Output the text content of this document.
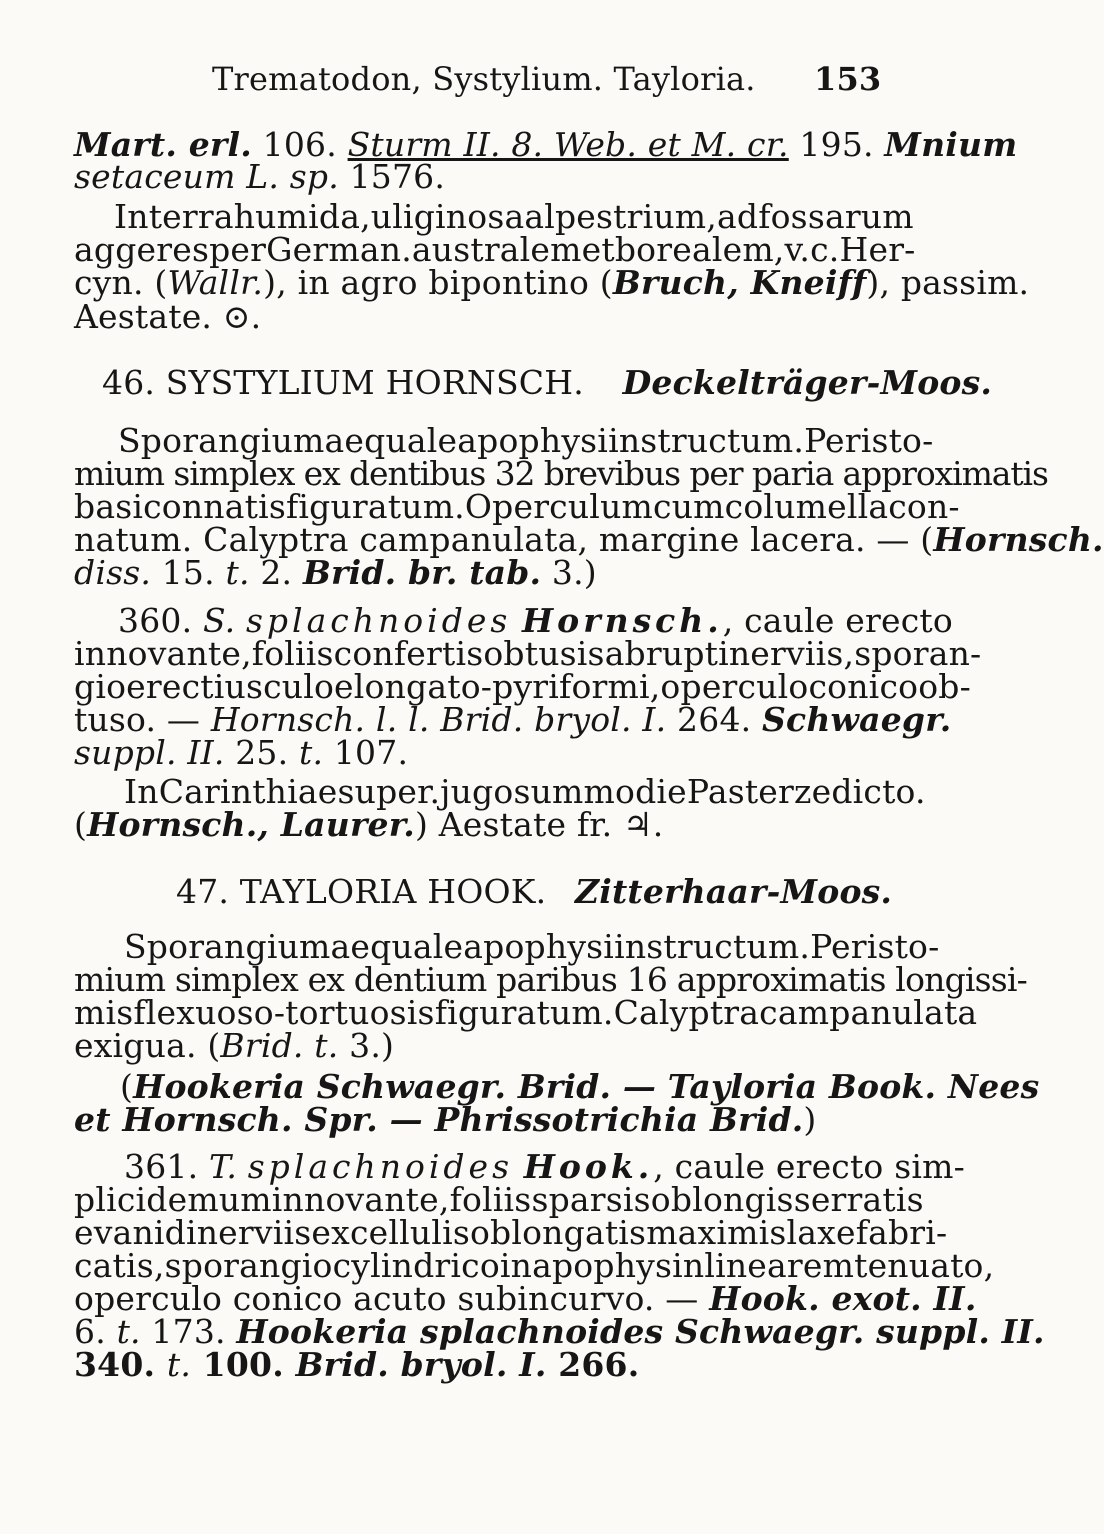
Trematodon, Systylium. Tayloria. 153
Mart. erl. 106. Sturm II. 8. Web. et M. cr. 195. Mnium
setaceum L. sp. 1576.
In terra humida, uliginosa alpestrium, ad fossarum
aggeres per German. australem et borealem, v. c. Her-
cyn. (Wallr.), in agro bipontino (Bruch, Kneiff), passim.
Aestate. ⊙.
46. SYSTYLIUM HORNSCH. Deckelträger-Moos.
Sporangium aequale apophysi instructum. Peristo-
mium simplex ex dentibus 32 brevibus per paria approximatis
basi connatis figuratum. Operculum cum columella con-
natum. Calyptra campanulata, margine lacera. — (Hornsch.
diss. 15. t. 2. Brid. br. tab. 3.)
360. S. splachnoides Hornsch., caule erecto
innovante, foliis confertis obtusis abruptinerviis, sporan-
gio erectiusculo elongato-pyriformi, operculo conico ob-
tuso. — Hornsch. l. l. Brid. bryol. I. 264. Schwaegr.
suppl. II. 25. t. 107.
In Carinthiae super. jugo summo die Pasterze dicto.
(Hornsch., Laurer.) Aestate fr. ♃.
47. TAYLORIA HOOK. Zitterhaar-Moos.
Sporangium aequale apophysi instructum. Peristo-
mium simplex ex dentium paribus 16 approximatis longissi-
mis flexuoso-tortuosis figuratum. Calyptra campanulata
exigua. (Brid. t. 3.)
(Hookeria Schwaegr. Brid. — Tayloria Book. Nees
et Hornsch. Spr. — Phrissotrichia Brid.)
361. T. splachnoides Hook., caule erecto sim-
plici demum innovante, foliis sparsis oblongis serratis
evanidinerviis ex cellulis oblongatis maximis laxe fabri-
catis, sporangio cylindrico in apophysin linearem tenuato,
operculo conico acuto subincurvo. — Hook. exot. II.
6. t. 173. Hookeria splachnoides Schwaegr. suppl. II.
340. t. 100. Brid. bryol. I. 266.
